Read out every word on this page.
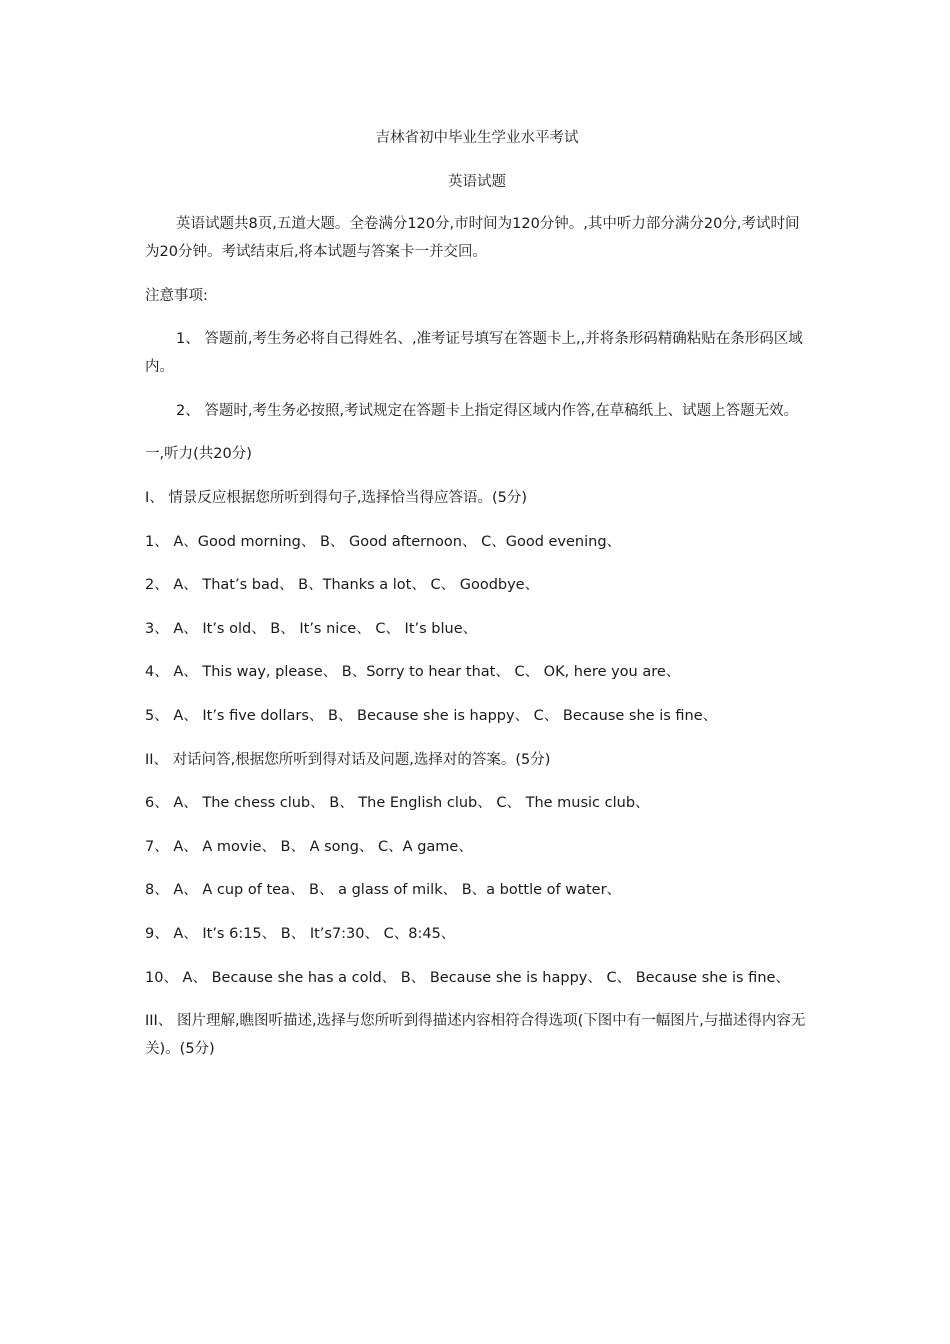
吉林省初中毕业生学业水平考试

英语试题

英语试题共8页,五道大题。全卷满分120分,市时间为120分钟。,其中听力部分满分20分,考试时间为20分钟。考试结束后,将本试题与答案卡一并交回。

注意事项:

1、 答题前,考生务必将自己得姓名、,准考证号填写在答题卡上,,并将条形码精确粘贴在条形码区域内。

2、 答题时,考生务必按照,考试规定在答题卡上指定得区域内作答,在草稿纸上、试题上答题无效。

一,听力(共20分)

I、 情景反应根据您所听到得句子,选择恰当得应答语。(5分)

1、 A、Good morning、 B、 Good afternoon、 C、Good evening、

2、 A、 That’s bad、 B、Thanks a lot、 C、 Goodbye、

3、 A、 It’s old、 B、 It’s nice、 C、 It’s blue、

4、 A、 This way, please、 B、Sorry to hear that、 C、 OK, here you are、

5、 A、 It’s five dollars、 B、 Because she is happy、 C、 Because she is fine、

II、 对话问答,根据您所听到得对话及问题,选择对的答案。(5分)

6、 A、 The chess club、 B、 The English club、 C、 The music club、

7、 A、 A movie、 B、 A song、 C、A game、

8、 A、 A cup of tea、 B、 a glass of milk、 B、a bottle of water、

9、 A、 It’s 6:15、 B、 It’s7:30、 C、8:45、

10、 A、 Because she has a cold、 B、 Because she is happy、 C、 Because she is fine、

III、 图片理解,瞧图听描述,选择与您所听到得描述内容相符合得选项(下图中有一幅图片,与描述得内容无关)。(5分)
